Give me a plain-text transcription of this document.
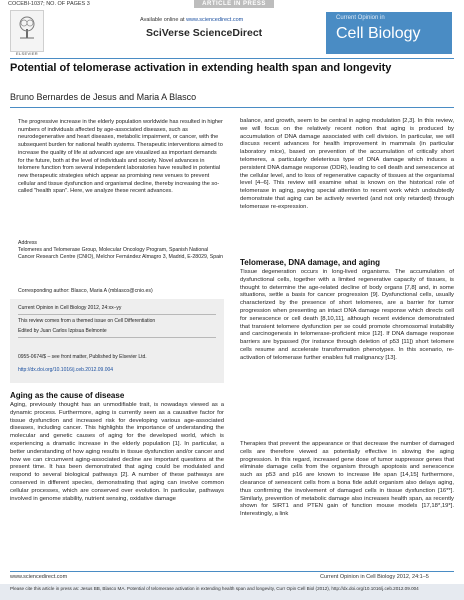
COCEBI-1037; NO. OF PAGES 3	ARTICLE IN PRESS
ELSEVIER
Available online at www.sciencedirect.com
SciVerse ScienceDirect
Current Opinion in
Cell Biology
Potential of telomerase activation in extending health span and longevity
Bruno Bernardes de Jesus and Maria A Blasco
The progressive increase in the elderly population worldwide has resulted in higher numbers of individuals affected by age-associated diseases, such as neurodegenerative and heart diseases, metabolic impairment, or cancer, with the subsequent burden for national health systems. Therapeutic interventions aimed to increase the quality of life at advanced age are visualized as important demands for the future, both at the level of individuals and society. Novel advances in telomere function from several independent laboratories have resulted in potential new therapeutic strategies which appear as promising new venues to prevent cellular and tissue dysfunction and organismal decline, thereby increasing the so-called "health span". Here, we analyze these recent advances.
Address
Telomeres and Telomerase Group, Molecular Oncology Program, Spanish National Cancer Research Centre (CNIO), Melchor Fernández Almagro 3, Madrid, E-28029, Spain
Corresponding author: Blasco, Maria A (mblasco@cnio.es)
Current Opinion in Cell Biology 2012, 24:xx–yy
This review comes from a themed issue on Cell Differentiation
Edited by Juan Carlos Izpisua Belmonte
0955-0674/$ – see front matter, Published by Elsevier Ltd.
http://dx.doi.org/10.1016/j.ceb.2012.09.004
Aging as the cause of disease
Aging, previously thought has an unmodifiable trait, is nowadays viewed as a dynamic process. Furthermore, aging is currently seen as a causative factor for tissue dysfunction and increased risk for developing various age-associated diseases, including cancer. This highlights the importance of understanding the molecular and genetic causes of aging for the developed world, which is experiencing a dramatic increase in the elderly population [1]. In particular, a better understanding of how aging results in tissue dysfunction and/or cancer and how we can circumvent aging-associated decline are important questions at the present time. It has been demonstrated that aging could be modulated and respond to several biological pathways [2]. A number of these pathways are conserved in different species, demonstrating that aging can involve common cellular processes, which are conserved over evolution. In particular, pathways involved in genome stability, nutrient sensing, oxidative damage
balance, and growth, seem to be central in aging modulation [2,3]. In this review, we will focus on the relatively recent notion that aging is produced by accumulation of DNA damage associated with cell division. In particular, we will discuss recent advances for health improvement in mammals (in particular laboratory mice), based on prevention of the accumulation of critically short telomeres, a particularly deleterious type of DNA damage which induces a persistent DNA damage response (DDR), leading to cell death and senescence at the cellular level, and to loss of regenerative capacity of tissues at the organismal level [4–6]. This review will examine what is known on the historical role of telomerase in aging, paying special attention to recent work which undoubtedly demonstrate that aging can be actively reverted (and not only retarded) through telomerase re-expression.
Telomerase, DNA damage, and aging
Tissue degeneration occurs in long-lived organisms. The accumulation of dysfunctional cells, together with a limited regenerative capacity of tissues, is thought to determine the age-related decline of body organs [7,8] and, in some situations, settle a basis for cancer progression [9]. Dysfunctional cells, usually characterized by the presence of short telomeres, are a barrier for tumor progression when presenting an intact DNA damage response which directs cell for senescence or cell death [8,10,11], although recent evidence demonstrated that transient telomere dysfunction per se could promote chromosomal instability and carcinogenesis in telomerase-proficient mice [12]. If DNA damage response barriers are bypassed (for instance through deletion of p53 [11]) short telomere cells resume and accelerate transformation phenotypes. In this scenario, re-activation of telomerase further enables full malignancy [13].
Therapies that prevent the appearance or that decrease the number of damaged cells are therefore viewed as potentially effective in slowing the aging progression. In this regard, increased gene dose of tumor suppressor genes that eliminate damage cells from the organism through apoptosis and senescence such as p53 and p16 are known to increase life span [14,15] furthermore, clearance of senescent cells from a bona fide adult organism also delays aging, thus confirming the involvement of damaged cells in tissue dysfunction [16**]. Similarly, prevention of metabolic damage also increases health span, as recently shown for SIRT1 and PTEN gain of function mouse models [17,18*,19*]. Interestingly, a link
www.sciencedirect.com	Current Opinion in Cell Biology 2012, 24:1–5
Please cite this article in press as: Jesus BB, Blasco MA. Potential of telomerase activation in extending health span and longevity, Curr Opin Cell Biol (2012), http://dx.doi.org/10.1016/j.ceb.2012.09.004
